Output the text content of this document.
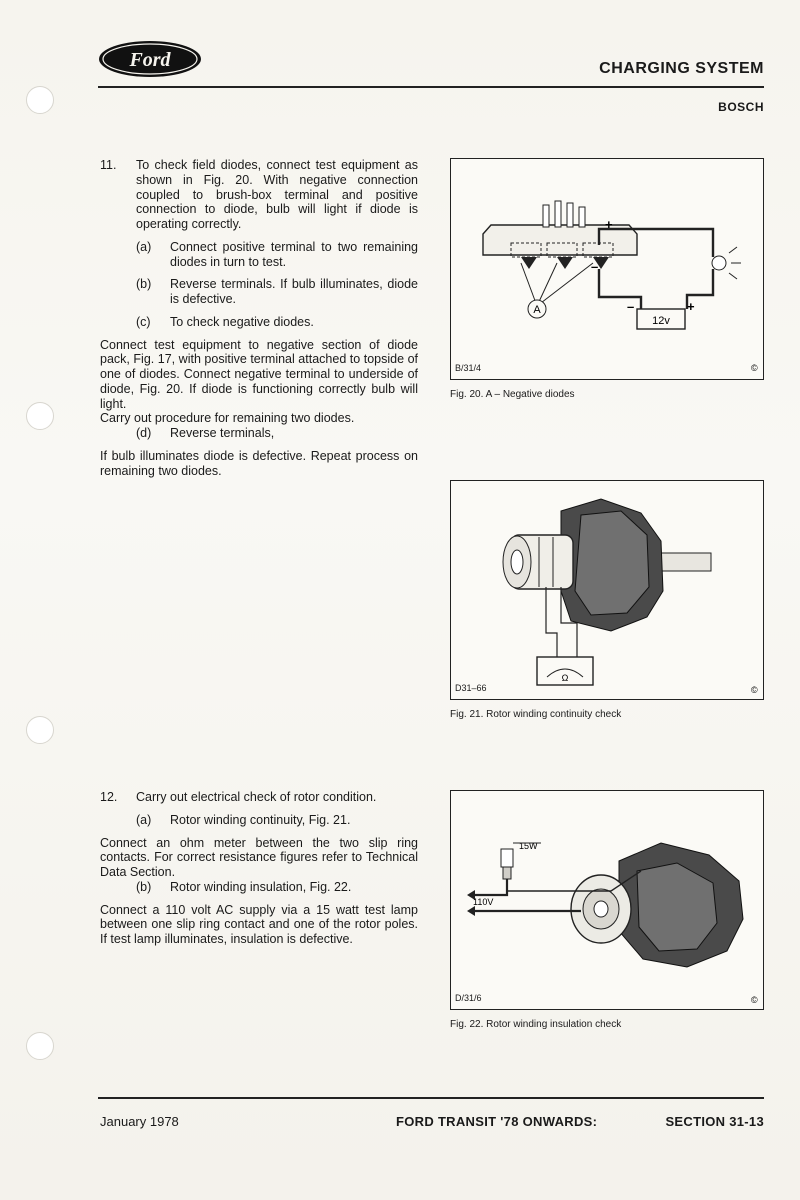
Ford	CHARGING SYSTEM
BOSCH
11.	To check field diodes, connect test equipment as shown in Fig. 20. With negative connection coupled to brush-box terminal and positive connection to diode, bulb will light if diode is operating correctly.

(a)	Connect positive terminal to two remaining diodes in turn to test.

(b)	Reverse terminals. If bulb illuminates, diode is defective.

(c)	To check negative diodes.

Connect test equipment to negative section of diode pack, Fig. 17, with positive terminal attached to topside of one of diodes. Connect negative terminal to underside of diode, Fig. 20. If diode is functioning correctly bulb will light.

Carry out procedure for remaining two diodes.

(d)	Reverse terminals,

If bulb illuminates diode is defective. Repeat process on remaining two diodes.

12.	Carry out electrical check of rotor condition.

(a)	Rotor winding continuity, Fig. 21.

Connect an ohm meter between the two slip ring contacts. For correct resistance figures refer to Technical Data Section.

(b)	Rotor winding insulation, Fig. 22.

Connect a 110 volt AC supply via a 15 watt test lamp between one slip ring contact and one of the rotor poles. If test lamp illuminates, insulation is defective.

A
+
–
12v
–	+
©
B/31/4
Fig. 20. A – Negative diodes
Ω
©
D31–66
Fig. 21. Rotor winding continuity check
15W
110V
©
D/31/6
Fig. 22. Rotor winding insulation check
January 1978	FORD TRANSIT '78 ONWARDS:	SECTION 31-13
